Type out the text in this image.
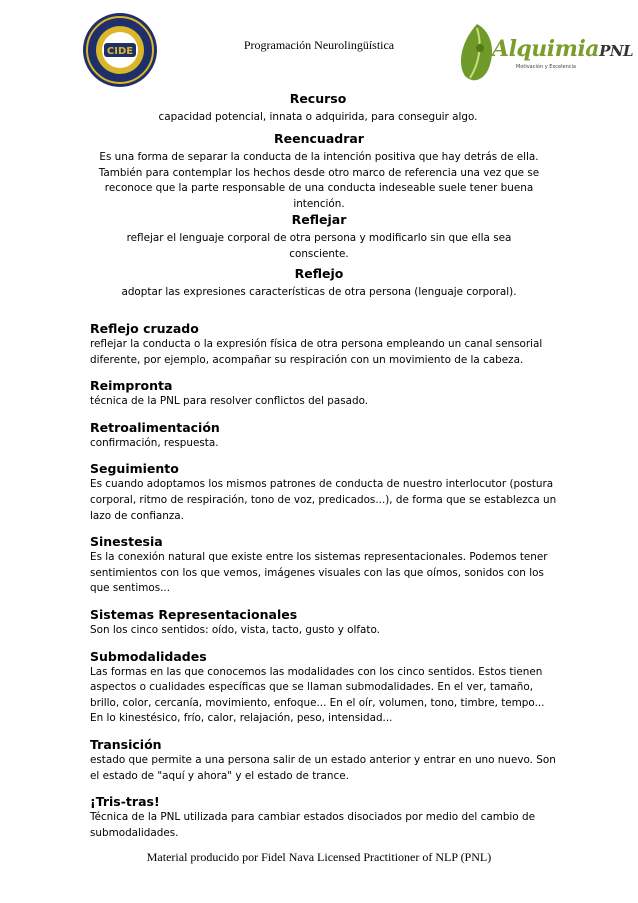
CIDE	Programación Neurolingüística	AlquimiaPNL
Motivación y Excelencia
Recurso
capacidad potencial, innata o adquirida, para conseguir algo.
Reencuadrar
Es una forma de separar la conducta de la intención positiva que hay detrás de ella. También para contemplar los hechos desde otro marco de referencia una vez que se reconoce que la parte responsable de una conducta indeseable suele tener buena intención.
Reflejar
reflejar el lenguaje corporal de otra persona y modificarlo sin que ella sea consciente.
Reflejo
adoptar las expresiones características de otra persona (lenguaje corporal).
Reflejo cruzado
reflejar la conducta o la expresión física de otra persona empleando un canal sensorial diferente, por ejemplo, acompañar su respiración con un movimiento de la cabeza.
Reimpronta
técnica de la PNL para resolver conflictos del pasado.
Retroalimentación
confirmación, respuesta.
Seguimiento
Es cuando adoptamos los mismos patrones de conducta de nuestro interlocutor (postura corporal, ritmo de respiración, tono de voz, predicados...), de forma que se establezca un lazo de confianza.
Sinestesia
Es la conexión natural que existe entre los sistemas representacionales. Podemos tener sentimientos con los que vemos, imágenes visuales con las que oímos, sonidos con los que sentimos...
Sistemas Representacionales
Son los cinco sentidos: oído, vista, tacto, gusto y olfato.
Submodalidades
Las formas en las que conocemos las modalidades con los cinco sentidos. Estos tienen aspectos o cualidades específicas que se llaman submodalidades. En el ver, tamaño, brillo, color, cercanía, movimiento, enfoque... En el oír, volumen, tono, timbre, tempo... En lo kinestésico, frío, calor, relajación, peso, intensidad...
Transición
estado que permite a una persona salir de un estado anterior y entrar en uno nuevo. Son el estado de "aquí y ahora" y el estado de trance.
¡Tris-tras!
Técnica de la PNL utilizada para cambiar estados disociados por medio del cambio de submodalidades.
Material producido por Fidel Nava Licensed Practitioner of NLP (PNL)
